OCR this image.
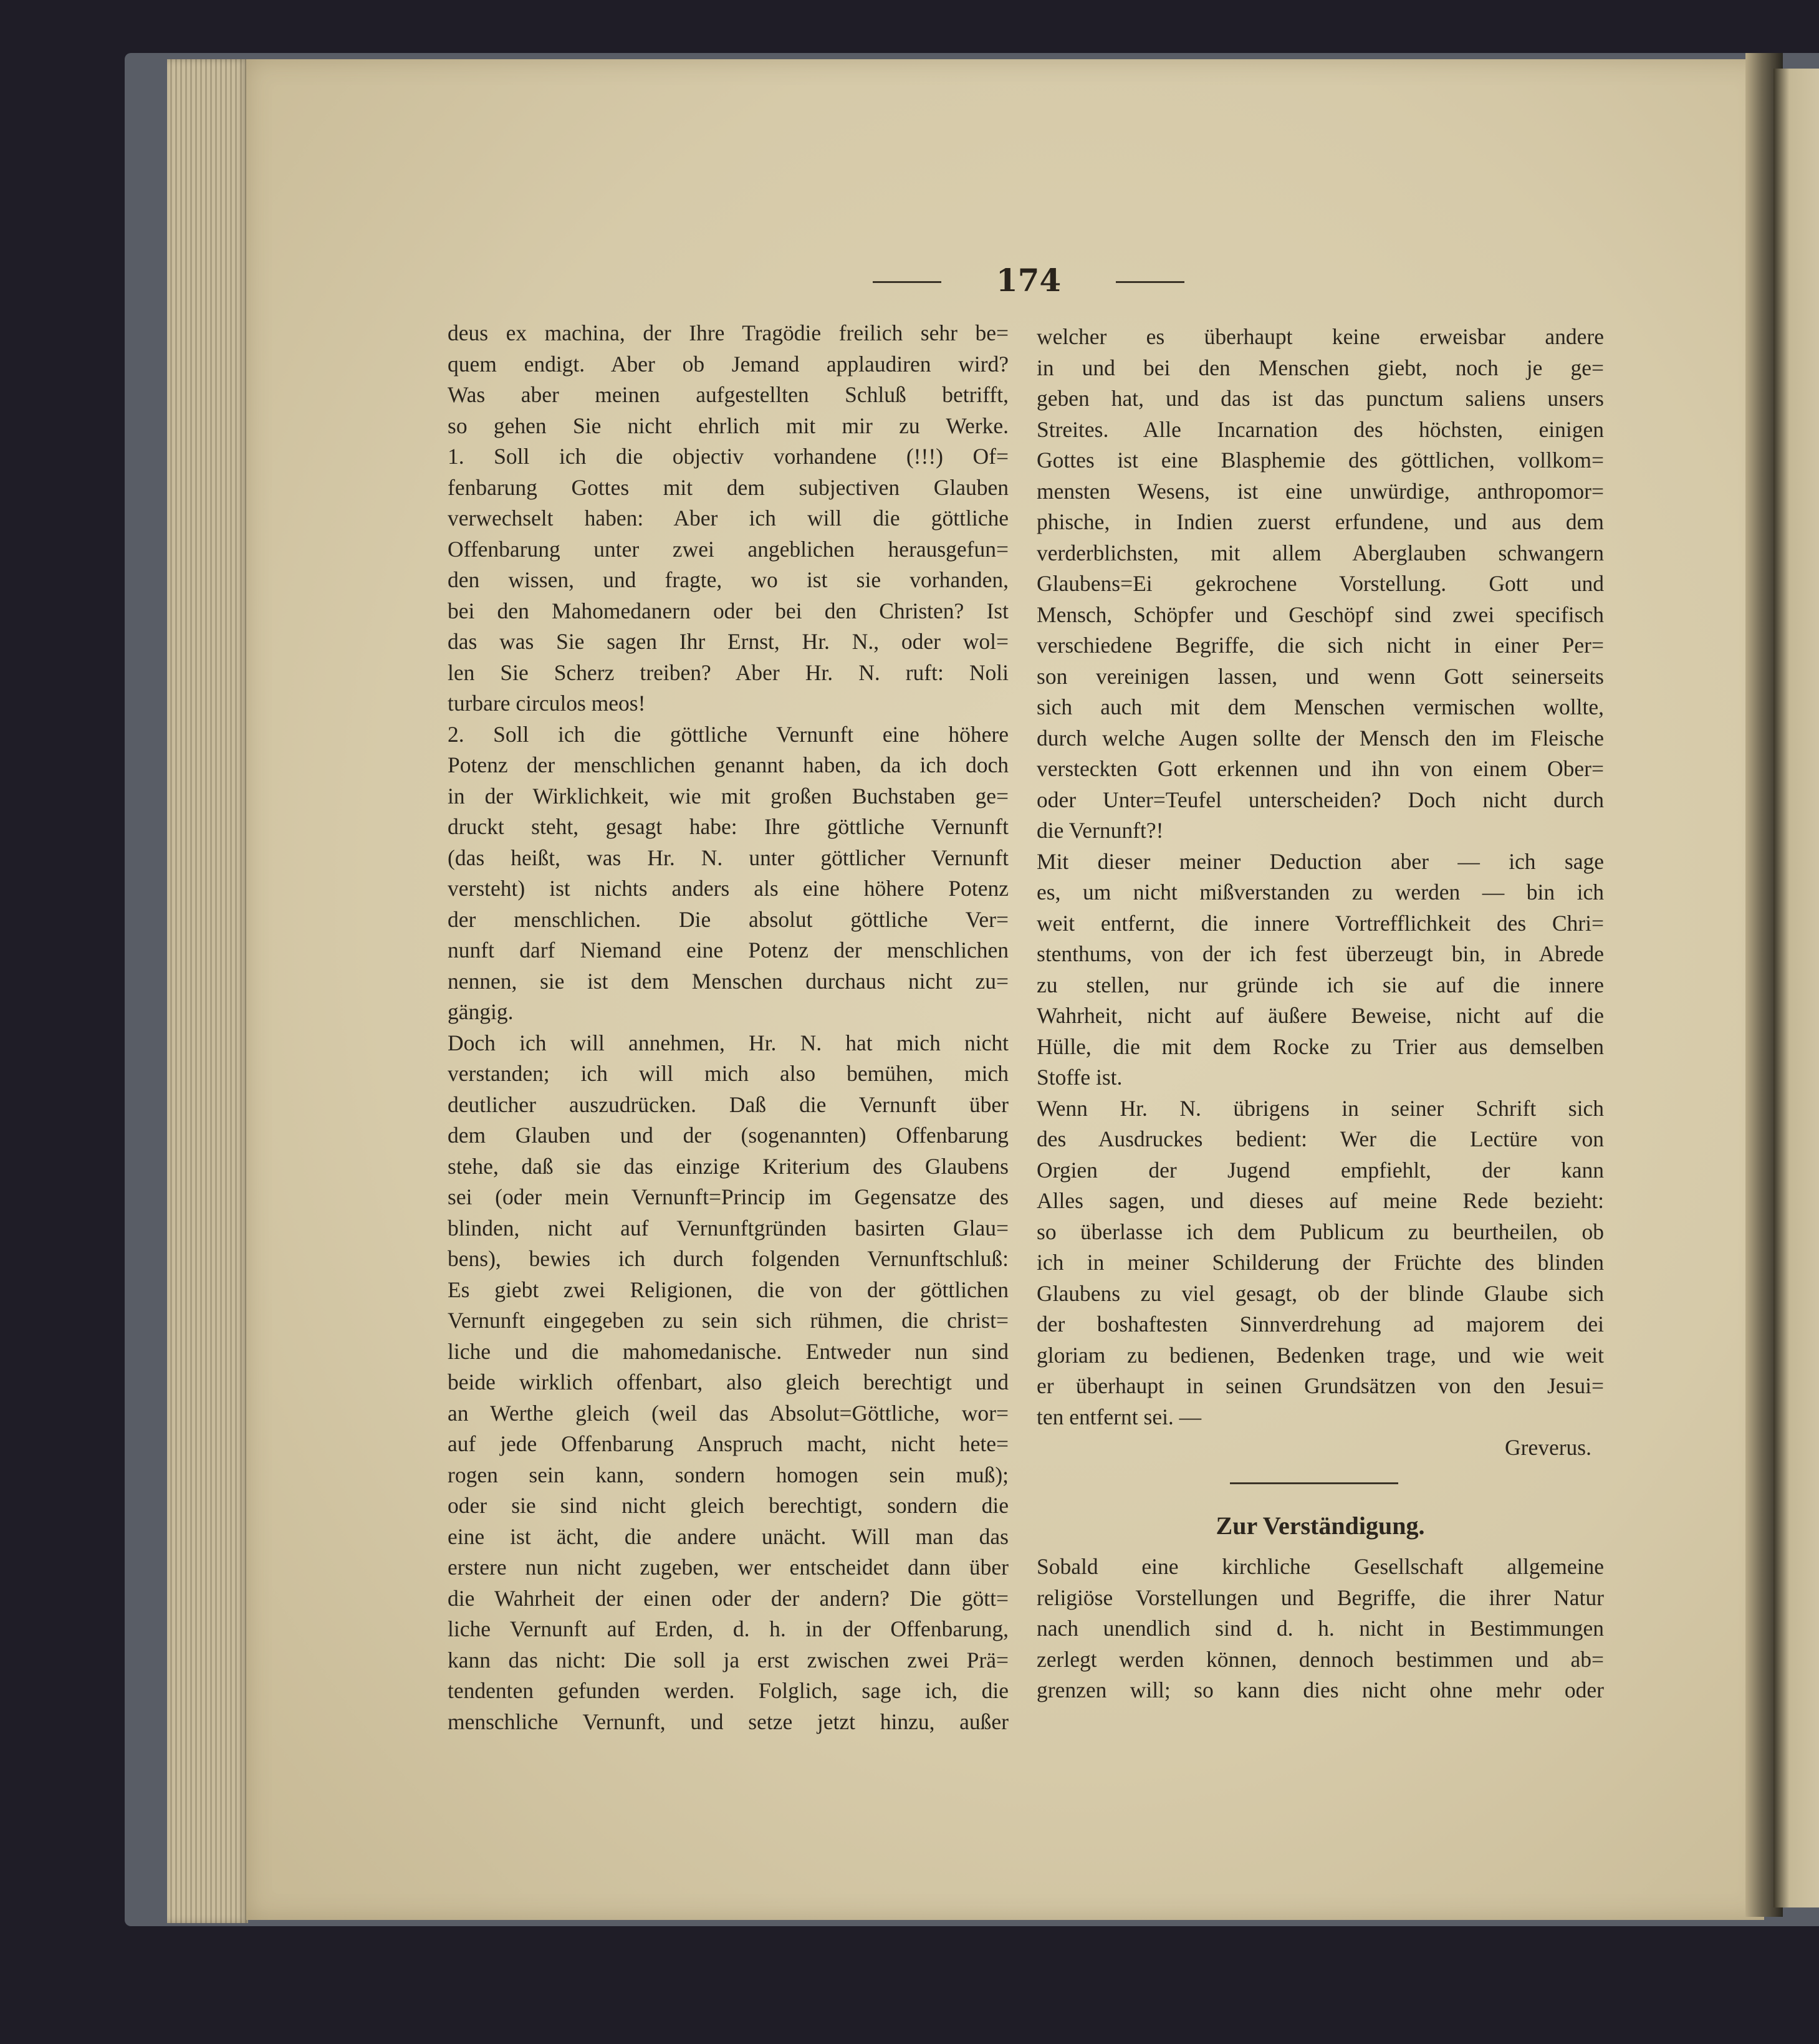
174
deus ex machina, der Ihre Tragödie freilich sehr be=
quem endigt. Aber ob Jemand applaudiren wird?
Was aber meinen aufgestellten Schluß betrifft,
so gehen Sie nicht ehrlich mit mir zu Werke.
1. Soll ich die objectiv vorhandene (!!!) Of=
fenbarung Gottes mit dem subjectiven Glauben
verwechselt haben: Aber ich will die göttliche
Offenbarung unter zwei angeblichen herausgefun=
den wissen, und fragte, wo ist sie vorhanden,
bei den Mahomedanern oder bei den Christen? Ist
das was Sie sagen Ihr Ernst, Hr. N., oder wol=
len Sie Scherz treiben? Aber Hr. N. ruft: Noli
turbare circulos meos!
2. Soll ich die göttliche Vernunft eine höhere
Potenz der menschlichen genannt haben, da ich doch
in der Wirklichkeit, wie mit großen Buchstaben ge=
druckt steht, gesagt habe: Ihre göttliche Vernunft
(das heißt, was Hr. N. unter göttlicher Vernunft
versteht) ist nichts anders als eine höhere Potenz
der menschlichen. Die absolut göttliche Ver=
nunft darf Niemand eine Potenz der menschlichen
nennen, sie ist dem Menschen durchaus nicht zu=
gängig.
Doch ich will annehmen, Hr. N. hat mich nicht
verstanden; ich will mich also bemühen, mich
deutlicher auszudrücken. Daß die Vernunft über
dem Glauben und der (sogenannten) Offenbarung
stehe, daß sie das einzige Kriterium des Glaubens
sei (oder mein Vernunft=Princip im Gegensatze des
blinden, nicht auf Vernunftgründen basirten Glau=
bens), bewies ich durch folgenden Vernunftschluß:
Es giebt zwei Religionen, die von der göttlichen
Vernunft eingegeben zu sein sich rühmen, die christ=
liche und die mahomedanische. Entweder nun sind
beide wirklich offenbart, also gleich berechtigt und
an Werthe gleich (weil das Absolut=Göttliche, wor=
auf jede Offenbarung Anspruch macht, nicht hete=
rogen sein kann, sondern homogen sein muß);
oder sie sind nicht gleich berechtigt, sondern die
eine ist ächt, die andere unächt. Will man das
erstere nun nicht zugeben, wer entscheidet dann über
die Wahrheit der einen oder der andern? Die gött=
liche Vernunft auf Erden, d. h. in der Offenbarung,
kann das nicht: Die soll ja erst zwischen zwei Prä=
tendenten gefunden werden. Folglich, sage ich, die
menschliche Vernunft, und setze jetzt hinzu, außer
welcher es überhaupt keine erweisbar andere
in und bei den Menschen giebt, noch je ge=
geben hat, und das ist das punctum saliens unsers
Streites. Alle Incarnation des höchsten, einigen
Gottes ist eine Blasphemie des göttlichen, vollkom=
mensten Wesens, ist eine unwürdige, anthropomor=
phische, in Indien zuerst erfundene, und aus dem
verderblichsten, mit allem Aberglauben schwangern
Glaubens=Ei gekrochene Vorstellung. Gott und
Mensch, Schöpfer und Geschöpf sind zwei specifisch
verschiedene Begriffe, die sich nicht in einer Per=
son vereinigen lassen, und wenn Gott seinerseits
sich auch mit dem Menschen vermischen wollte,
durch welche Augen sollte der Mensch den im Fleische
versteckten Gott erkennen und ihn von einem Ober=
oder Unter=Teufel unterscheiden? Doch nicht durch
die Vernunft?!
Mit dieser meiner Deduction aber — ich sage
es, um nicht mißverstanden zu werden — bin ich
weit entfernt, die innere Vortrefflichkeit des Chri=
stenthums, von der ich fest überzeugt bin, in Abrede
zu stellen, nur gründe ich sie auf die innere
Wahrheit, nicht auf äußere Beweise, nicht auf die
Hülle, die mit dem Rocke zu Trier aus demselben
Stoffe ist.
Wenn Hr. N. übrigens in seiner Schrift sich
des Ausdruckes bedient: Wer die Lectüre von
Orgien der Jugend empfiehlt, der kann
Alles sagen, und dieses auf meine Rede bezieht:
so überlasse ich dem Publicum zu beurtheilen, ob
ich in meiner Schilderung der Früchte des blinden
Glaubens zu viel gesagt, ob der blinde Glaube sich
der boshaftesten Sinnverdrehung ad majorem dei
gloriam zu bedienen, Bedenken trage, und wie weit
er überhaupt in seinen Grundsätzen von den Jesui=
ten entfernt sei. —
Greverus.
Zur Verständigung.
Sobald eine kirchliche Gesellschaft allgemeine
religiöse Vorstellungen und Begriffe, die ihrer Natur
nach unendlich sind d. h. nicht in Bestimmungen
zerlegt werden können, dennoch bestimmen und ab=
grenzen will; so kann dies nicht ohne mehr oder
